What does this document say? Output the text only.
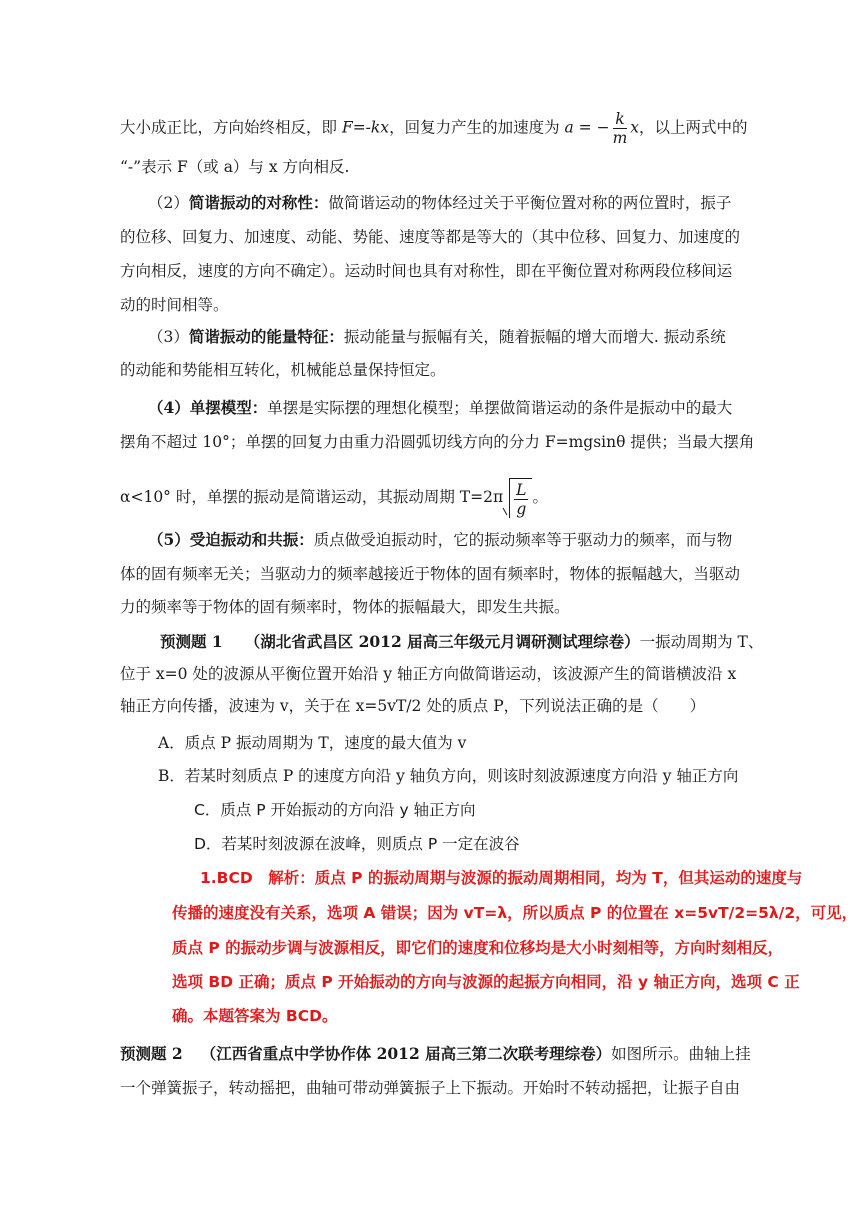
大小成正比，方向始终相反，即 F=-kx，回复力产生的加速度为 a = − $\frac{k}{m}$ x，以上两式中的
“-”表示 F（或 a）与 x 方向相反.
（2）简谐振动的对称性：做简谐运动的物体经过关于平衡位置对称的两位置时，振子
的位移、回复力、加速度、动能、势能、速度等都是等大的（其中位移、回复力、加速度的
方向相反，速度的方向不确定）。运动时间也具有对称性，即在平衡位置对称两段位移间运
动的时间相等。
（3）简谐振动的能量特征：振动能量与振幅有关，随着振幅的增大而增大. 振动系统
的动能和势能相互转化，机械能总量保持恒定。
（4）单摆模型：单摆是实际摆的理想化模型；单摆做简谐运动的条件是振动中的最大
摆角不超过 10°；单摆的回复力由重力沿圆弧切线方向的分力 F=mgsinθ 提供；当最大摆角
α<10° 时，单摆的振动是简谐运动，其振动周期 $T=2\pi \frac{L}{g}$ 。
（5）受迫振动和共振：质点做受迫振动时，它的振动频率等于驱动力的频率，而与物
体的固有频率无关；当驱动力的频率越接近于物体的固有频率时，物体的振幅越大，当驱动
力的频率等于物体的固有频率时，物体的振幅最大，即发生共振。
预测题 1 （湖北省武昌区 2012 届高三年级元月调研测试理综卷）一振动周期为 T、
位于 x=0 处的波源从平衡位置开始沿 y 轴正方向做简谐运动，该波源产生的简谐横波沿 x
轴正方向传播，波速为 v，关于在 x=5vT/2 处的质点 P，下列说法正确的是（　　）
A．质点 P 振动周期为 T，速度的最大值为 v
B．若某时刻质点 P 的速度方向沿 y 轴负方向，则该时刻波源速度方向沿 y 轴正方向
C．质点 P 开始振动的方向沿 y 轴正方向
D．若某时刻波源在波峰，则质点 P 一定在波谷
1.BCD　解析：质点 P 的振动周期与波源的振动周期相同，均为 T，但其运动的速度与
传播的速度没有关系，选项 A 错误；因为 vT=λ，所以质点 P 的位置在 x=5vT/2=5λ/2，可见，
质点 P 的振动步调与波源相反，即它们的速度和位移均是大小时刻相等，方向时刻相反，
选项 BD 正确；质点 P 开始振动的方向与波源的起振方向相同，沿 y 轴正方向，选项 C 正
确。本题答案为 BCD。
预测题 2 （江西省重点中学协作体 2012 届高三第二次联考理综卷）如图所示。曲轴上挂
一个弹簧振子，转动摇把，曲轴可带动弹簧振子上下振动。开始时不转动摇把，让振子自由
